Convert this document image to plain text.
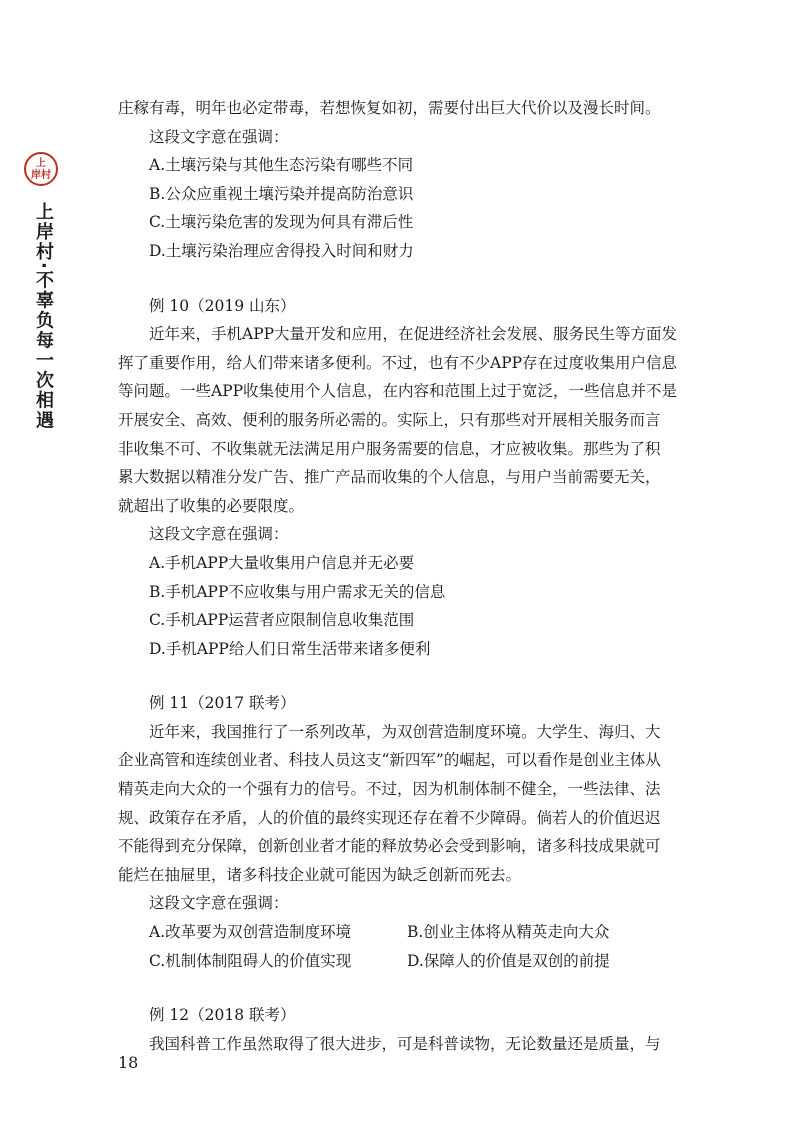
上
岸村
上岸村·不辜负每一次相遇

庄稼有毒，明年也必定带毒，若想恢复如初，需要付出巨大代价以及漫长时间。

这段文字意在强调：

A.土壤污染与其他生态污染有哪些不同

B.公众应重视土壤污染并提高防治意识

C.土壤污染危害的发现为何具有滞后性

D.土壤污染治理应舍得投入时间和财力

例 10（2019 山东）

近年来，手机APP大量开发和应用，在促进经济社会发展、服务民生等方面发

挥了重要作用，给人们带来诸多便利。不过，也有不少APP存在过度收集用户信息

等问题。一些APP收集使用个人信息，在内容和范围上过于宽泛，一些信息并不是

开展安全、高效、便利的服务所必需的。实际上，只有那些对开展相关服务而言

非收集不可、不收集就无法满足用户服务需要的信息，才应被收集。那些为了积

累大数据以精准分发广告、推广产品而收集的个人信息，与用户当前需要无关，

就超出了收集的必要限度。

这段文字意在强调：

A.手机APP大量收集用户信息并无必要

B.手机APP不应收集与用户需求无关的信息

C.手机APP运营者应限制信息收集范围

D.手机APP给人们日常生活带来诸多便利

例 11（2017 联考）

近年来，我国推行了一系列改革，为双创营造制度环境。大学生、海归、大

企业高管和连续创业者、科技人员这支“新四军”的崛起，可以看作是创业主体从

精英走向大众的一个强有力的信号。不过，因为机制体制不健全，一些法律、法

规、政策存在矛盾，人的价值的最终实现还存在着不少障碍。倘若人的价值迟迟

不能得到充分保障，创新创业者才能的释放势必会受到影响，诸多科技成果就可

能烂在抽屉里，诸多科技企业就可能因为缺乏创新而死去。

这段文字意在强调：

A.改革要为双创营造制度环境	B.创业主体将从精英走向大众
C.机制体制阻碍人的价值实现	D.保障人的价值是双创的前提

例 12（2018 联考）

我国科普工作虽然取得了很大进步，可是科普读物，无论数量还是质量，与

18
